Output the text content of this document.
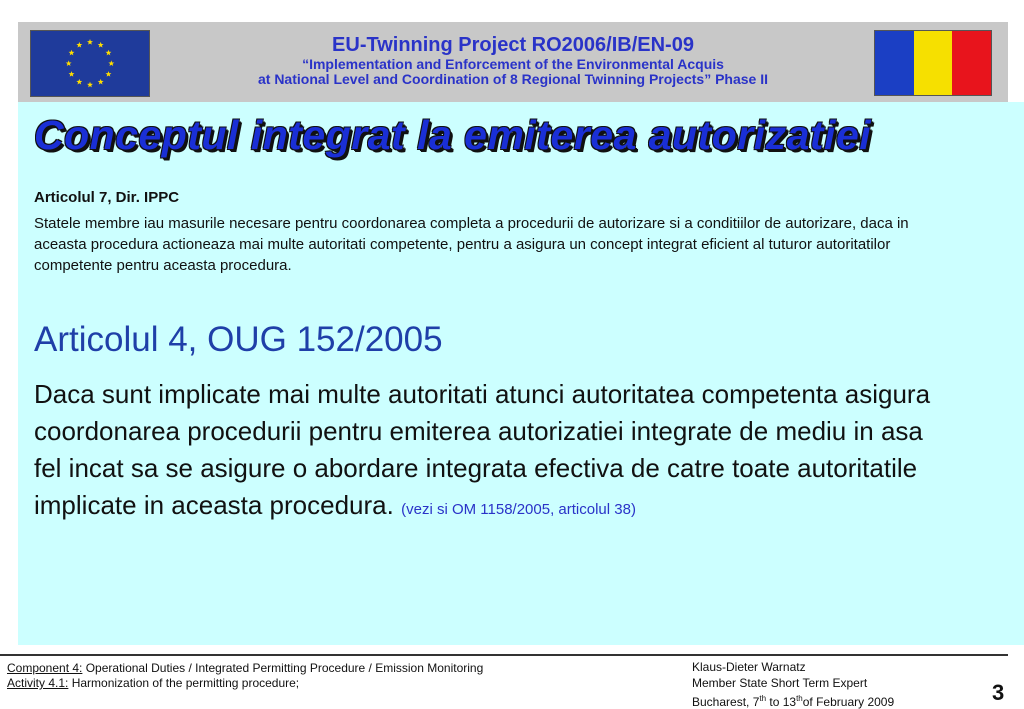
EU-Twinning Project RO2006/IB/EN-09
“Implementation and Enforcement of the Environmental Acquis
at National Level and Coordination of 8 Regional Twinning Projects” Phase II
Conceptul integrat la emiterea autorizatiei
Articolul 7, Dir. IPPC
Statele membre iau masurile necesare pentru coordonarea completa a procedurii de autorizare si a conditiilor de autorizare, daca in aceasta procedura actioneaza mai multe autoritati competente, pentru a asigura un concept integrat eficient al tuturor autoritatilor competente pentru aceasta procedura.
Articolul 4, OUG 152/2005
Daca sunt implicate mai multe autoritati atunci autoritatea competenta asigura coordonarea procedurii pentru emiterea autorizatiei integrate de mediu in asa fel incat sa se asigure o abordare integrata efectiva de catre toate autoritatile implicate in aceasta procedura. (vezi si OM 1158/2005, articolul 38)
Component 4: Operational Duties / Integrated Permitting Procedure / Emission Monitoring
Activity 4.1: Harmonization of the permitting procedure;
Klaus-Dieter Warnatz
Member State Short Term Expert
Bucharest, 7th to 13thof February 2009	3
